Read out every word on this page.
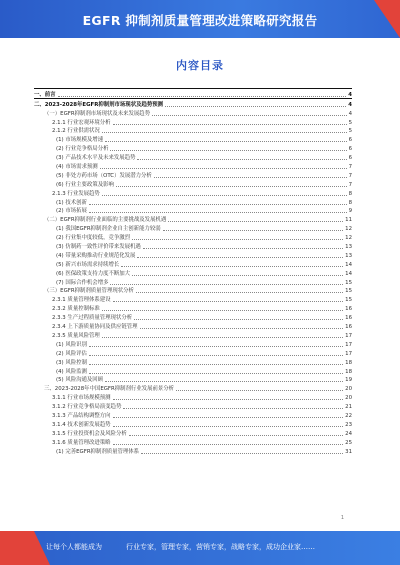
EGFR 抑制剂质量管理改进策略研究报告
内容目录
一、前言	4
二、2023-2028年EGFR抑制剂市场现状及趋势预测	4
（一）EGFR抑制剂市场现状及未来发展趋势	4
2.1.1 行业宏观环境分析	5
2.1.2 行业供需状况	5
(1) 市场规模及增速	6
(2) 行业竞争格局分析	6
(3) 产品技术水平及未来发展趋势	6
(4) 市场需求预测	7
(5) 非处方药市场（OTC）发展潜力分析	7
(6) 行业主要政策及影响	7
2.1.3 行业发展趋势	8
(1) 技术创新	8
(2) 市场拓展	9
（二）EGFR抑制剂行业面临的主要挑战及发展机遇	11
(1) 我国EGFR抑制剂企业自主创新能力较弱	12
(2) 行业集中度较低，竞争激烈	12
(3) 仿制药一致性评价带来发展机遇	13
(4) 带量采购推动行业规范化发展	13
(5) 新兴市场需求持续增长	14
(6) 医保政策支持力度不断加大	14
(7) 国际合作机会增多	15
（三）EGFR抑制剂质量管理现状分析	15
2.3.1 质量管理体系建设	15
2.3.2 质量控制标准	16
2.3.3 生产过程质量管理现状分析	16
2.3.4 上下游质量协同及供应链管理	16
2.3.5 质量风险管理	17
(1) 风险识别	17
(2) 风险评估	17
(3) 风险控制	18
(4) 风险监测	18
(5) 风险沟通及回顾	19
三、2023-2028年中国EGFR抑制剂行业发展前景分析	20
3.1.1 行业市场规模预测	20
3.1.2 行业竞争格局演变趋势	21
3.1.3 产品结构调整方向	22
3.1.4 技术创新发展趋势	23
3.1.5 行业投资机会及风险分析	24
3.1.6 质量管理改进策略	25
(1) 完善EGFR抑制剂质量管理体系	31
1
让每个人都能成为	行业专家，管理专家，营销专家，战略专家，成功企业家……
